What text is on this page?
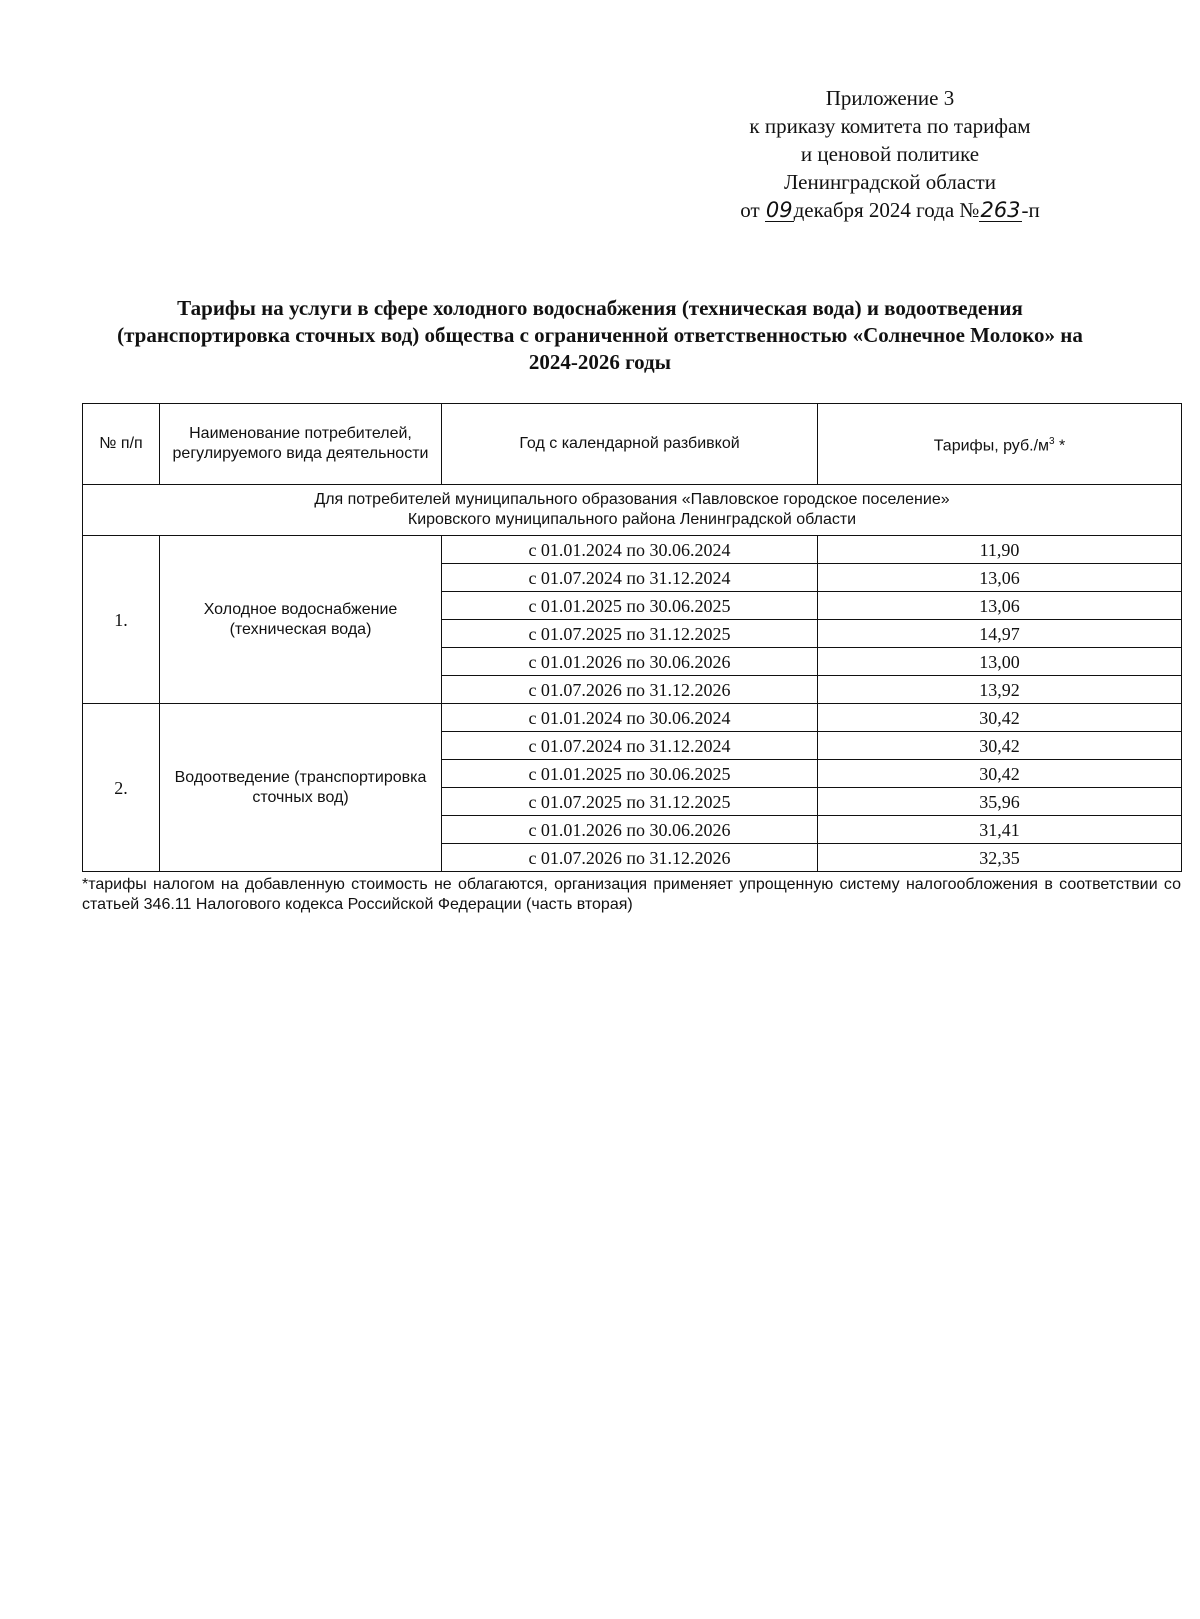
Приложение 3
к приказу комитета по тарифам
и ценовой политике
Ленинградской области
от 09декабря 2024 года №263-п
Тарифы на услуги в сфере холодного водоснабжения (техническая вода) и водоотведения (транспортировка сточных вод) общества с ограниченной ответственностью «Солнечное Молоко» на 2024-2026 годы
№ п/п	Наименование потребителей, регулируемого вида деятельности	Год с календарной разбивкой	Тарифы, $руб./м^3$ *
Для потребителей муниципального образования «Павловское городское поселение»
Кировского муниципального района Ленинградской области			
1.	Холодное водоснабжение (техническая вода)	с 01.01.2024 по 30.06.2024	11,90
		с 01.07.2024 по 31.12.2024	13,06
		с 01.01.2025 по 30.06.2025	13,06
		с 01.07.2025 по 31.12.2025	14,97
		с 01.01.2026 по 30.06.2026	13,00
		с 01.07.2026 по 31.12.2026	13,92
2.	Водоотведение (транспортировка сточных вод)	с 01.01.2024 по 30.06.2024	30,42
		с 01.07.2024 по 31.12.2024	30,42
		с 01.01.2025 по 30.06.2025	30,42
		с 01.07.2025 по 31.12.2025	35,96
		с 01.01.2026 по 30.06.2026	31,41
		с 01.07.2026 по 31.12.2026	32,35
*тарифы налогом на добавленную стоимость не облагаются, организация применяет упрощенную систему налогообложения в соответствии со статьей 346.11 Налогового кодекса Российской Федерации (часть вторая)
